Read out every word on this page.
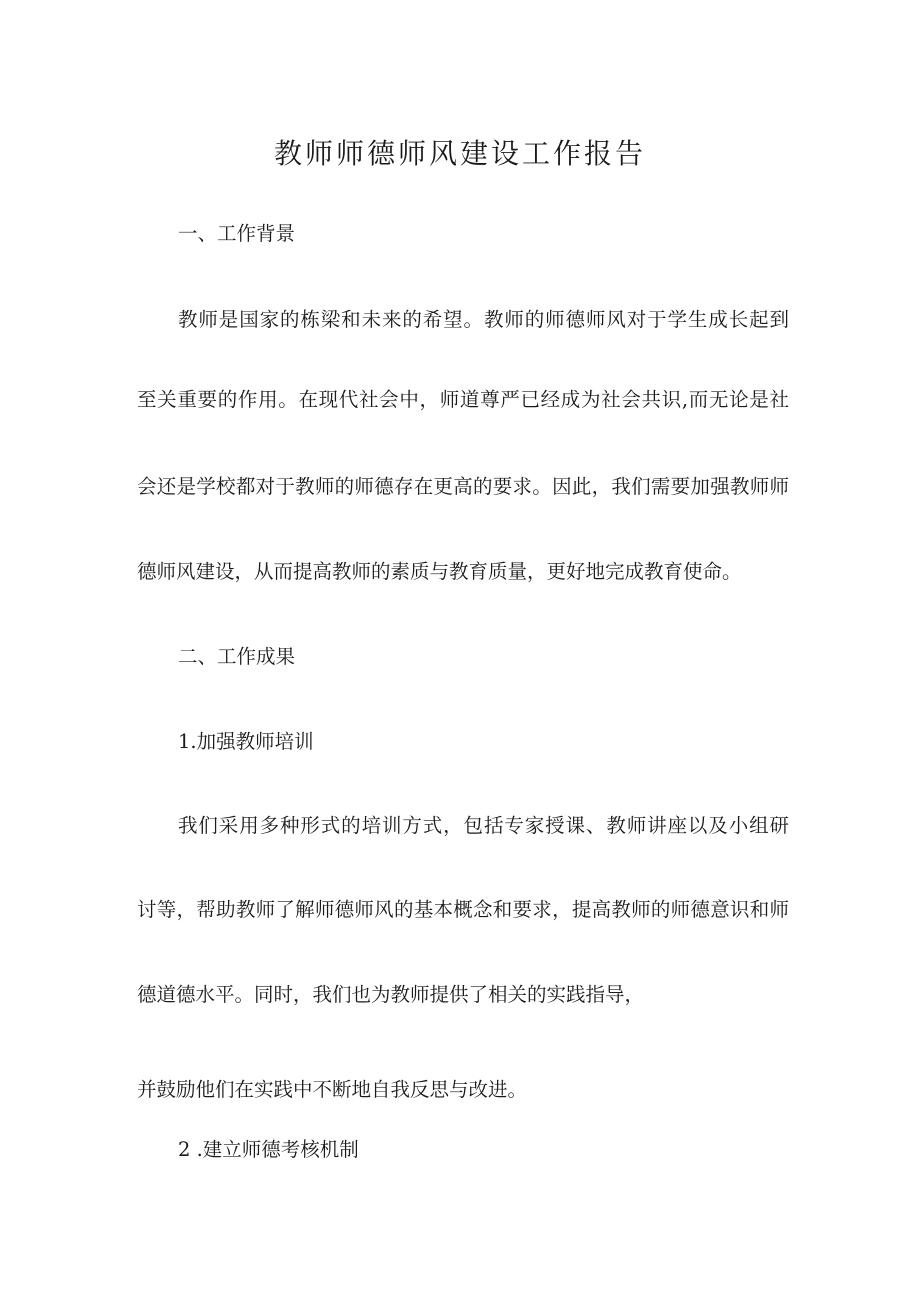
教师师德师风建设工作报告

一、工作背景

教师是国家的栋梁和未来的希望。教师的师德师风对于学生成长起到

至关重要的作用。在现代社会中，师道尊严已经成为社会共识,而无论是社

会还是学校都对于教师的师德存在更高的要求。因此，我们需要加强教师师

德师风建设，从而提高教师的素质与教育质量，更好地完成教育使命。

二、工作成果

1.加强教师培训

我们采用多种形式的培训方式，包括专家授课、教师讲座以及小组研

讨等，帮助教师了解师德师风的基本概念和要求，提高教师的师德意识和师

德道德水平。同时，我们也为教师提供了相关的实践指导，

并鼓励他们在实践中不断地自我反思与改进。

2 .建立师德考核机制
